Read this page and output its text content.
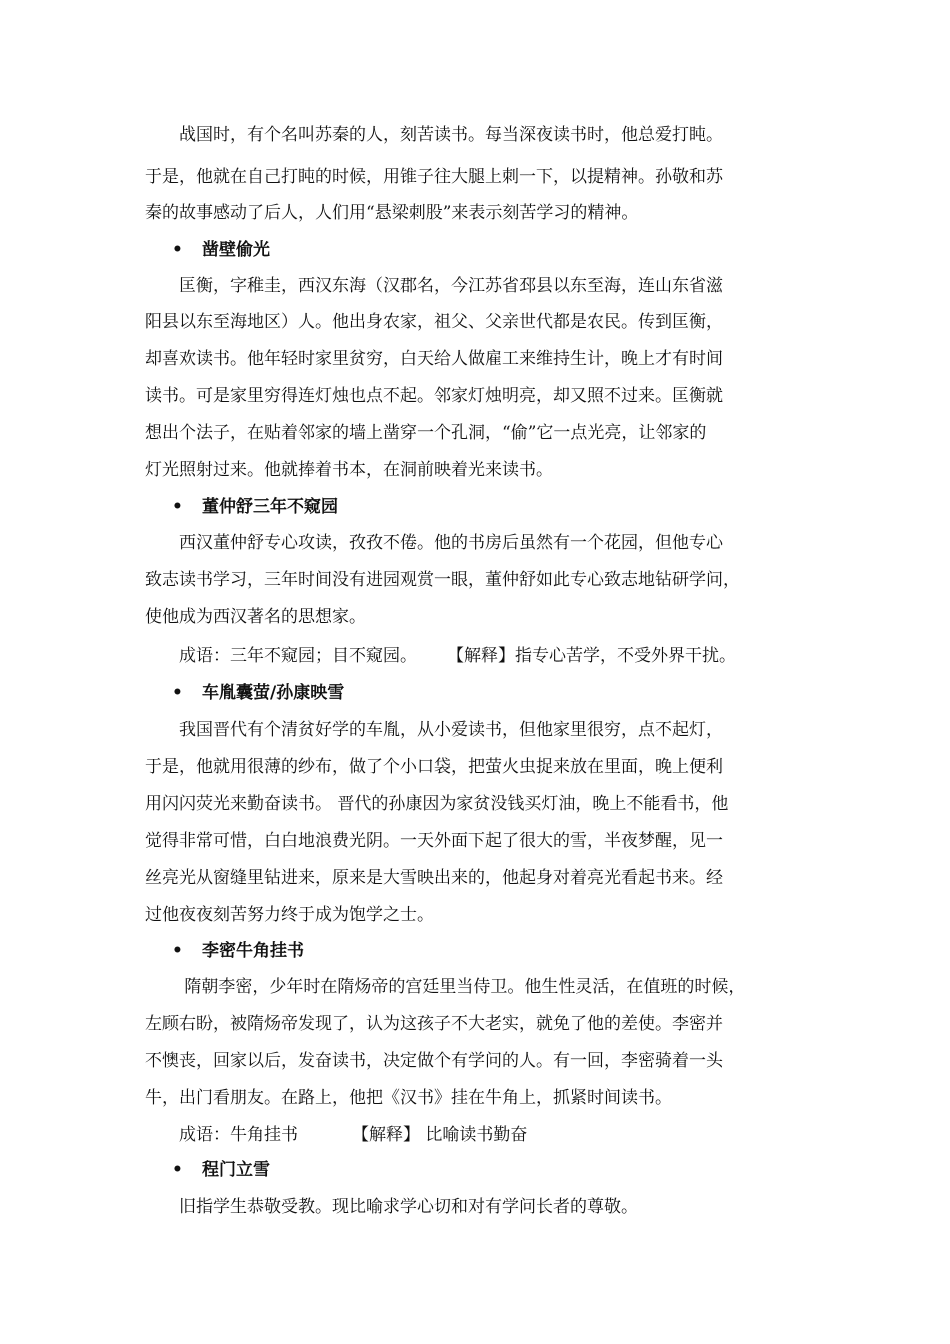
　　战国时，有个名叫苏秦的人，刻苦读书。每当深夜读书时，他总爱打盹。
于是，他就在自己打盹的时候，用锥子往大腿上刺一下，以提精神。孙敬和苏
秦的故事感动了后人，人们用“悬梁刺股”来表示刻苦学习的精神。
• 凿壁偷光
　　匡衡，字稚圭，西汉东海（汉郡名，今江苏省邳县以东至海，连山东省滋
阳县以东至海地区）人。他出身农家，祖父、父亲世代都是农民。传到匡衡，
却喜欢读书。他年轻时家里贫穷，白天给人做雇工来维持生计，晚上才有时间
读书。可是家里穷得连灯烛也点不起。邻家灯烛明亮，却又照不过来。匡衡就
想出个法子，在贴着邻家的墙上凿穿一个孔洞，“偷”它一点光亮，让邻家的
灯光照射过来。他就捧着书本，在洞前映着光来读书。
• 董仲舒三年不窥园
　　西汉董仲舒专心攻读，孜孜不倦。他的书房后虽然有一个花园，但他专心
致志读书学习，三年时间没有进园观赏一眼，董仲舒如此专心致志地钻研学问，
使他成为西汉著名的思想家。
　　成语：三年不窥园；目不窥园。 【解释】指专心苦学，不受外界干扰。
• 车胤囊萤/孙康映雪
　　我国晋代有个清贫好学的车胤，从小爱读书，但他家里很穷，点不起灯，
于是，他就用很薄的纱布，做了个小口袋，把萤火虫捉来放在里面，晚上便利
用闪闪荧光来勤奋读书。 晋代的孙康因为家贫没钱买灯油，晚上不能看书，他
觉得非常可惜，白白地浪费光阴。一天外面下起了很大的雪，半夜梦醒，见一
丝亮光从窗缝里钻进来，原来是大雪映出来的，他起身对着亮光看起书来。经
过他夜夜刻苦努力终于成为饱学之士。
• 李密牛角挂书
　　 隋朝李密，少年时在隋炀帝的宫廷里当侍卫。他生性灵活，在值班的时候，
左顾右盼，被隋炀帝发现了，认为这孩子不大老实，就免了他的差使。李密并
不懊丧，回家以后，发奋读书，决定做个有学问的人。有一回，李密骑着一头
牛，出门看朋友。在路上，他把《汉书》挂在牛角上，抓紧时间读书。
　　成语：牛角挂书	【解释】 比喻读书勤奋
• 程门立雪
　　旧指学生恭敬受教。现比喻求学心切和对有学问长者的尊敬。
